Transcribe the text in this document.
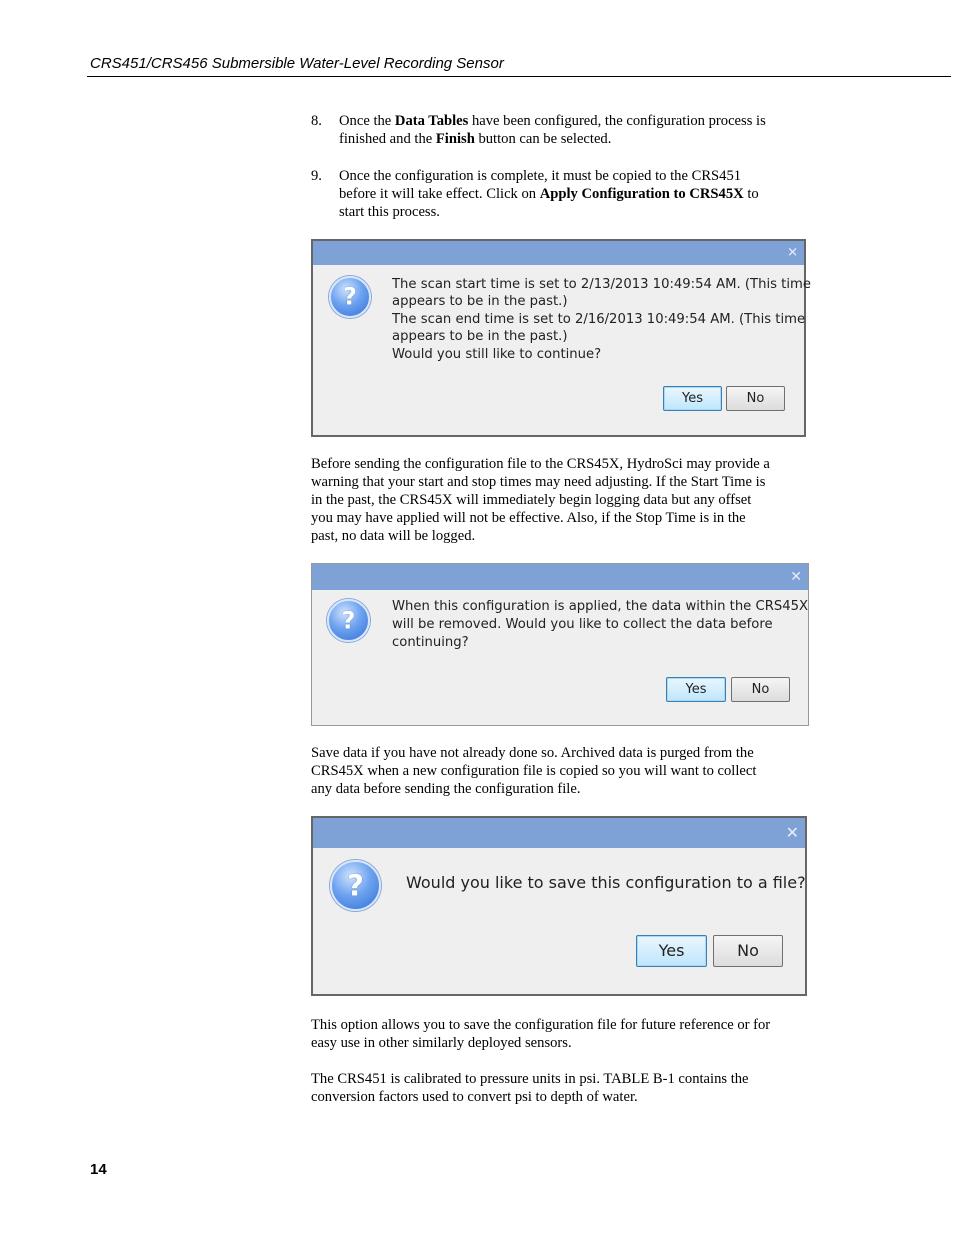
CRS451/CRS456 Submersible Water-Level Recording Sensor
8. Once the Data Tables have been configured, the configuration process is
finished and the Finish button can be selected.
9. Once the configuration is complete, it must be copied to the CRS451
before it will take effect. Click on Apply Configuration to CRS45X to
start this process.
✕
?	The scan start time is set to 2/13/2013 10:49:54 AM. (This time
appears to be in the past.)
The scan end time is set to 2/16/2013 10:49:54 AM. (This time
appears to be in the past.)
Would you still like to continue?
Yes	No
Before sending the configuration file to the CRS45X, HydroSci may provide a
warning that your start and stop times may need adjusting. If the Start Time is
in the past, the CRS45X will immediately begin logging data but any offset
you may have applied will not be effective. Also, if the Stop Time is in the
past, no data will be logged.
✕
?	When this configuration is applied, the data within the CRS45X
will be removed. Would you like to collect the data before
continuing?
Yes	No
Save data if you have not already done so. Archived data is purged from the
CRS45X when a new configuration file is copied so you will want to collect
any data before sending the configuration file.
✕
?	Would you like to save this configuration to a file?
Yes	No
This option allows you to save the configuration file for future reference or for
easy use in other similarly deployed sensors.
The CRS451 is calibrated to pressure units in psi. TABLE B-1 contains the
conversion factors used to convert psi to depth of water.
14
